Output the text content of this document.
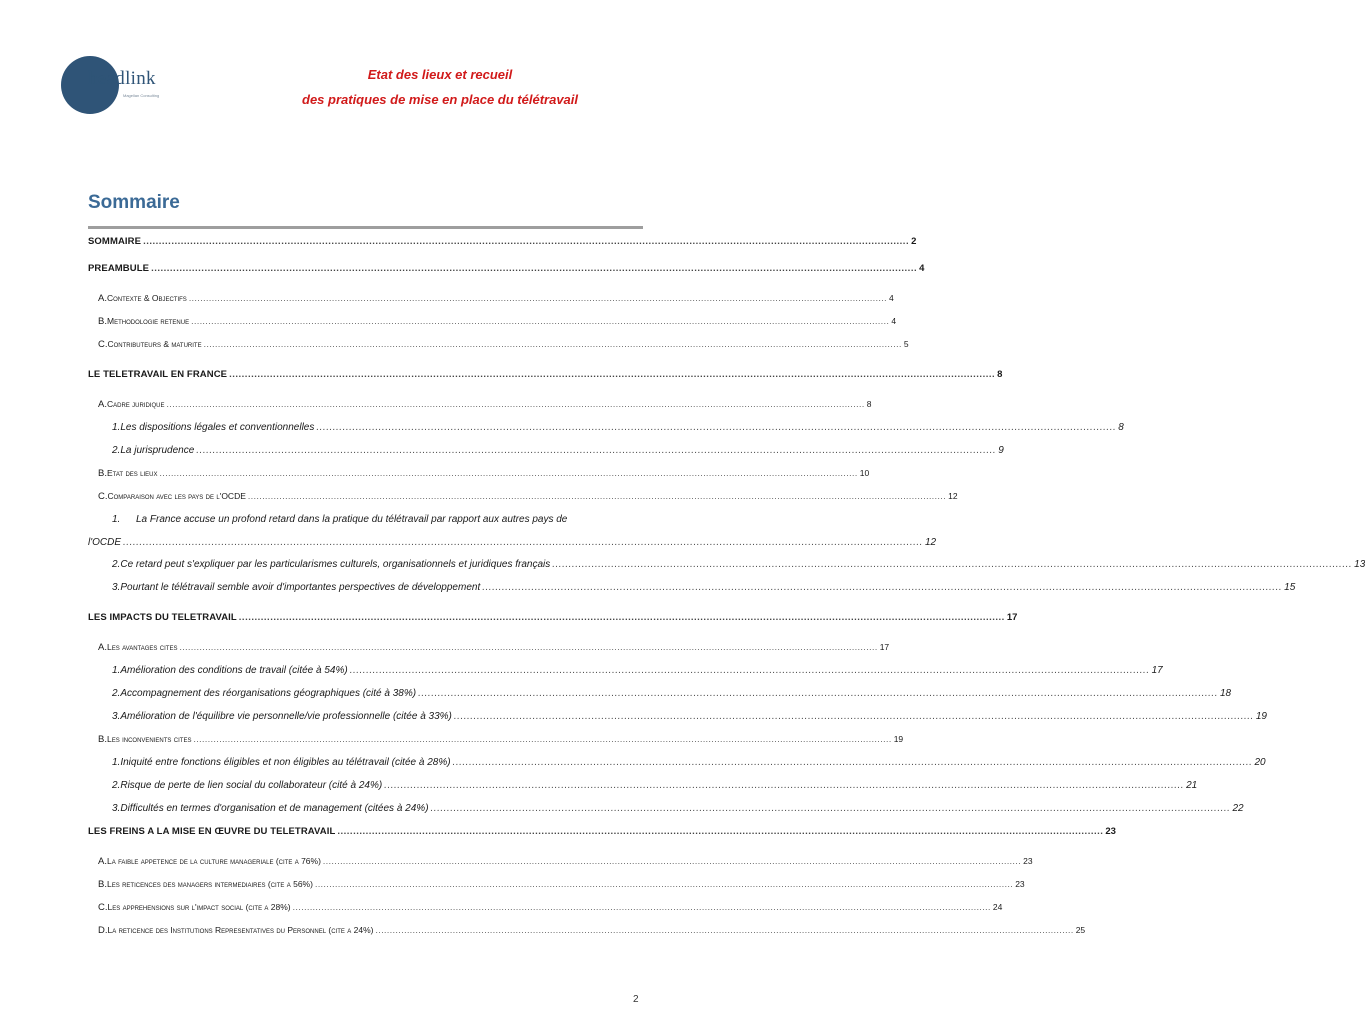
headlink
Magellan Consulting
Etat des lieux et recueil
des pratiques de mise en place du télétravail
Sommaire
SOMMAIRE .....	2
PREAMBULE .....	4
A. Contexte & Objectifs .....	4
B. Methodologie retenue .....	4
C. Contributeurs & maturite .....	5
LE TELETRAVAIL EN FRANCE .....	8
A. Cadre juridique .....	8
1. Les dispositions légales et conventionnelles .....	8
2. La jurisprudence .....	9
B. Etat des lieux .....	10
C. Comparaison avec les pays de l'OCDE .....	12
1.	La France accuse un profond retard dans la pratique du télétravail par rapport aux autres pays de
l'OCDE .....	12
2. Ce retard peut s'expliquer par les particularismes culturels, organisationnels et juridiques français .....	13
3. Pourtant le télétravail semble avoir d'importantes perspectives de développement .....	15
LES IMPACTS DU TELETRAVAIL .....	17
A. Les avantages cites .....	17
1. Amélioration des conditions de travail (citée à 54%) .....	17
2. Accompagnement des réorganisations géographiques (cité à 38%) .....	18
3. Amélioration de l'équilibre vie personnelle/vie professionnelle (citée à 33%) .....	19
B. Les inconvenients cites .....	19
1. Iniquité entre fonctions éligibles et non éligibles au télétravail (citée à 28%) .....	20
2. Risque de perte de lien social du collaborateur (cité à 24%) .....	21
3. Difficultés en termes d'organisation et de management (citées à 24%) .....	22
LES FREINS A LA MISE EN ŒUVRE DU TELETRAVAIL .....	23
A. La faible appetence de la culture manageriale (cite a 76%) .....	23
B. Les reticences des managers intermediaires (cite a 56%) .....	23
C. Les apprehensions sur l'impact social (cite a 28%) .....	24
D. La reticence des Institutions Representatives du Personnel (cite a 24%) .....	25
2
